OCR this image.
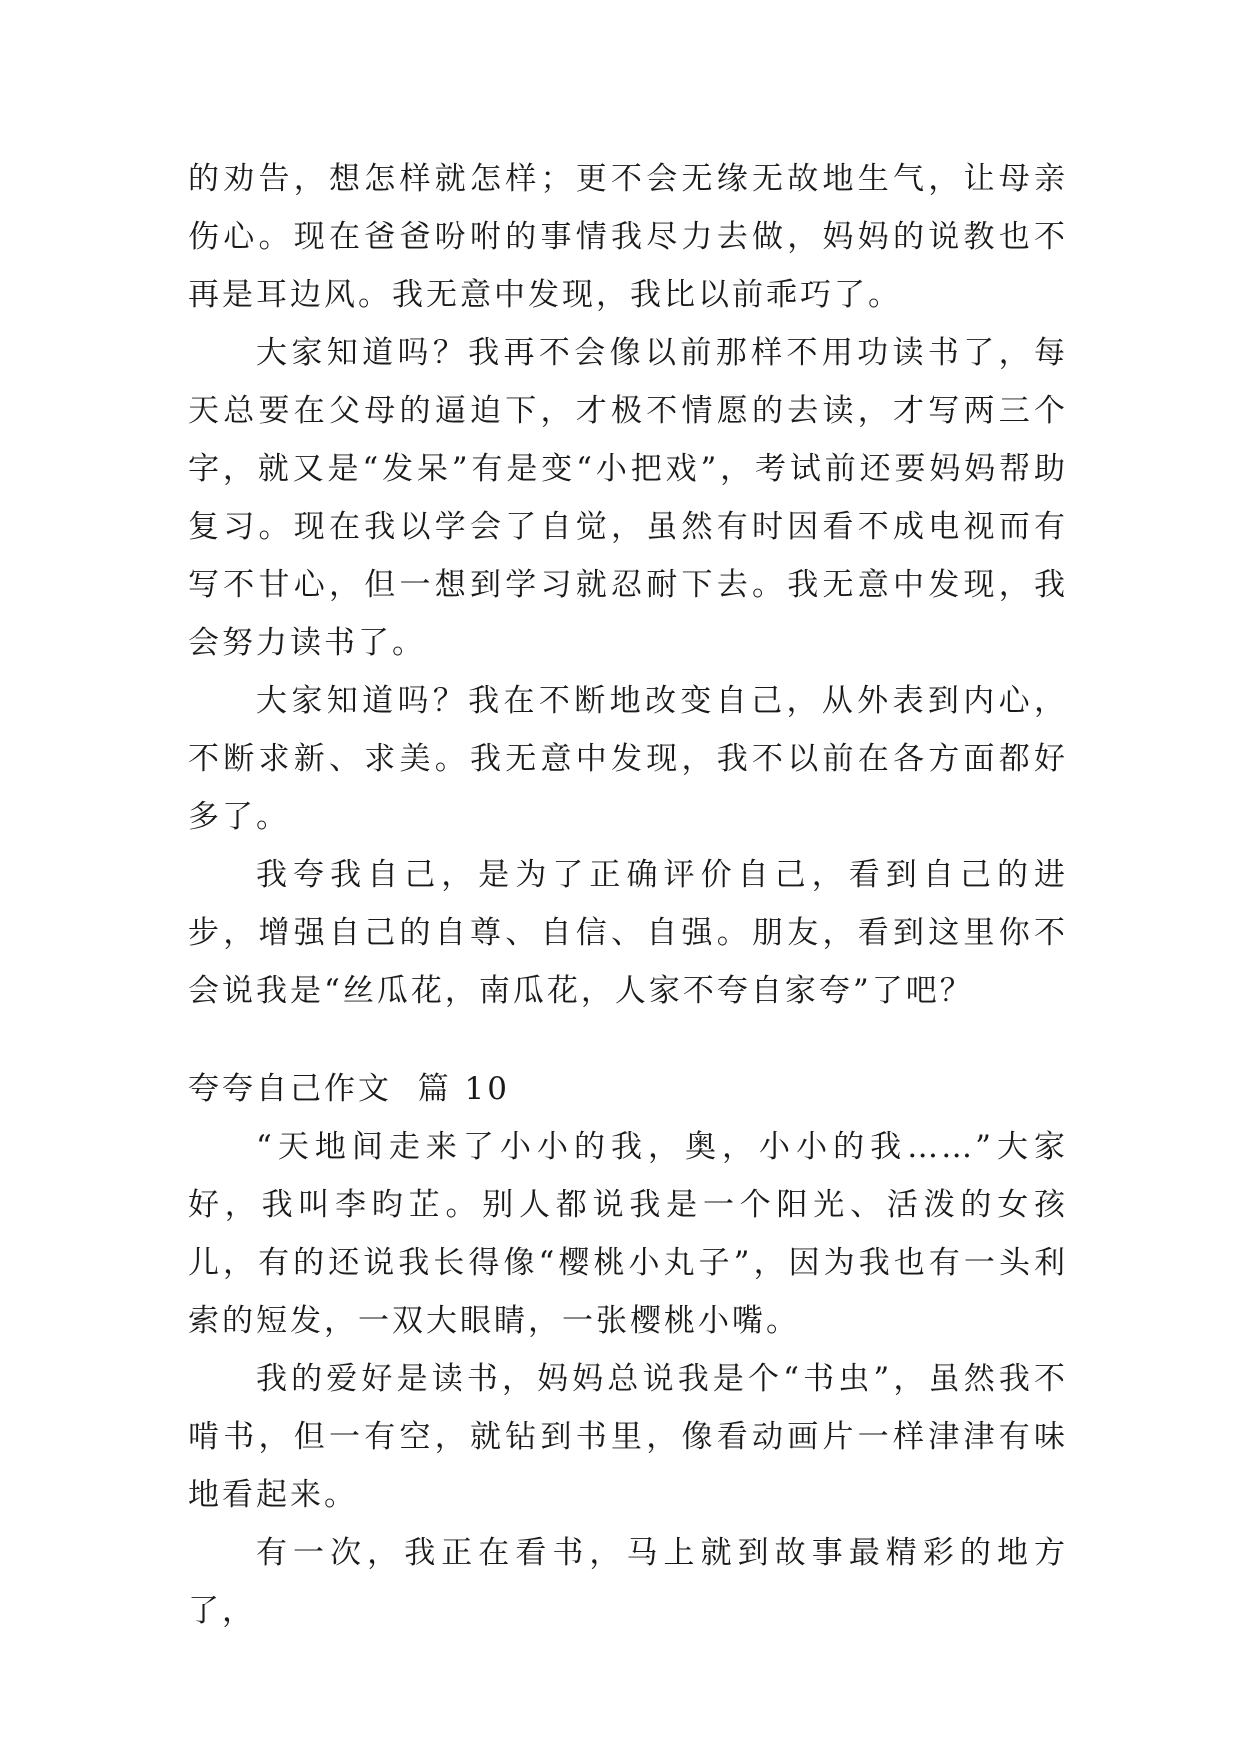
的劝告，想怎样就怎样；更不会无缘无故地生气，让母亲伤心。现在爸爸吩咐的事情我尽力去做，妈妈的说教也不再是耳边风。我无意中发现，我比以前乖巧了。

大家知道吗？我再不会像以前那样不用功读书了，每天总要在父母的逼迫下，才极不情愿的去读，才写两三个字，就又是“发呆”有是变“小把戏”，考试前还要妈妈帮助复习。现在我以学会了自觉，虽然有时因看不成电视而有写不甘心，但一想到学习就忍耐下去。我无意中发现，我会努力读书了。

大家知道吗？我在不断地改变自己，从外表到内心，不断求新、求美。我无意中发现，我不以前在各方面都好多了。

我夸我自己，是为了正确评价自己，看到自己的进步，增强自己的自尊、自信、自强。朋友，看到这里你不会说我是“丝瓜花，南瓜花，人家不夸自家夸”了吧？

夸夸自己作文  篇 10

“天地间走来了小小的我，奥，小小的我……”大家好，我叫李昀芷。别人都说我是一个阳光、活泼的女孩儿，有的还说我长得像“樱桃小丸子”，因为我也有一头利索的短发，一双大眼睛，一张樱桃小嘴。

我的爱好是读书，妈妈总说我是个“书虫”，虽然我不啃书，但一有空，就钻到书里，像看动画片一样津津有味地看起来。

有一次，我正在看书，马上就到故事最精彩的地方了，
